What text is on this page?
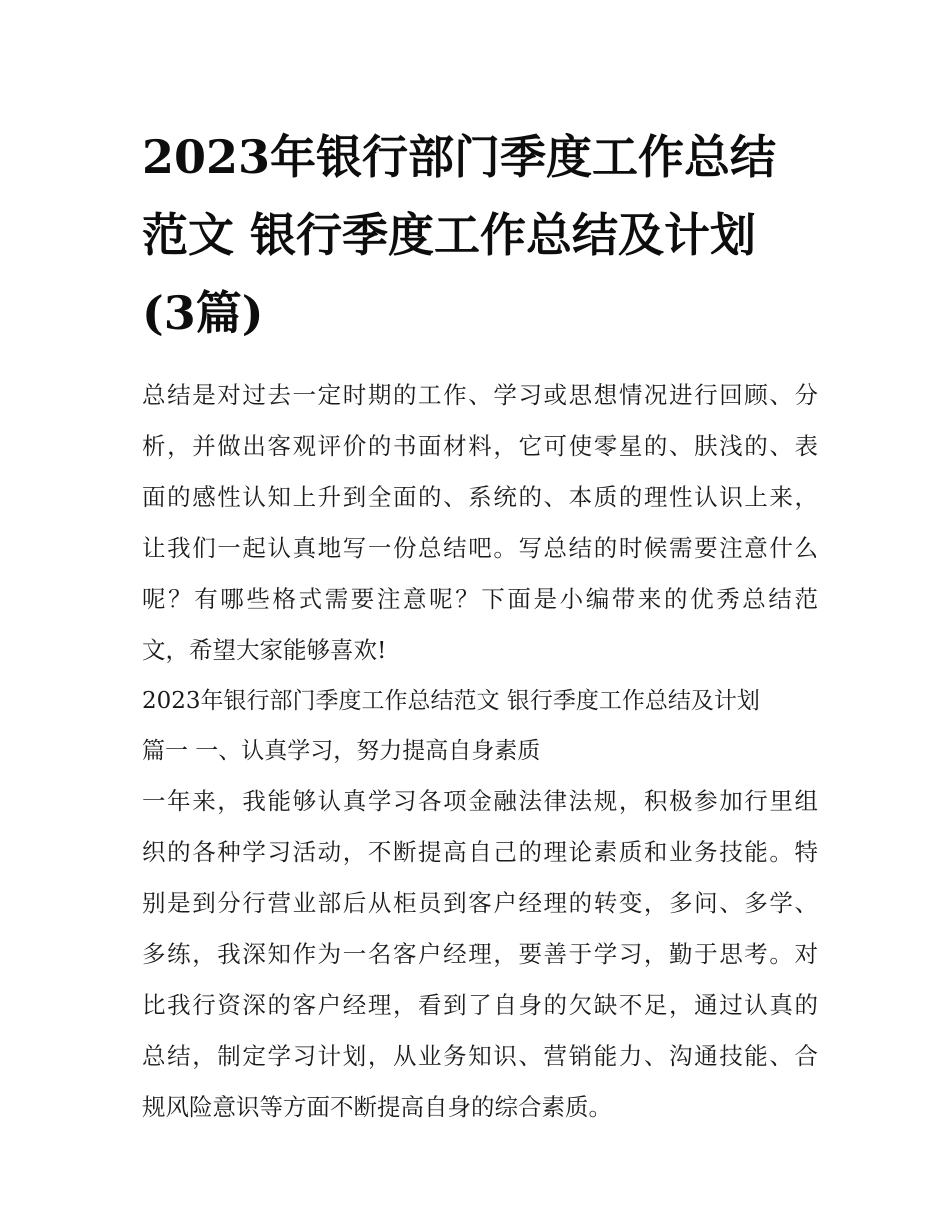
2023年银行部门季度工作总结
范文 银行季度工作总结及计划
(3篇)

总结是对过去一定时期的工作、学习或思想情况进行回顾、分
析，并做出客观评价的书面材料，它可使零星的、肤浅的、表
面的感性认知上升到全面的、系统的、本质的理性认识上来，
让我们一起认真地写一份总结吧。写总结的时候需要注意什么
呢？有哪些格式需要注意呢？下面是小编带来的优秀总结范
文，希望大家能够喜欢!

2023年银行部门季度工作总结范文 银行季度工作总结及计划
篇一 一、认真学习，努力提高自身素质

一年来，我能够认真学习各项金融法律法规，积极参加行里组
织的各种学习活动，不断提高自己的理论素质和业务技能。特
别是到分行营业部后从柜员到客户经理的转变，多问、多学、
多练，我深知作为一名客户经理，要善于学习，勤于思考。对
比我行资深的客户经理，看到了自身的欠缺不足，通过认真的
总结，制定学习计划，从业务知识、营销能力、沟通技能、合
规风险意识等方面不断提高自身的综合素质。
